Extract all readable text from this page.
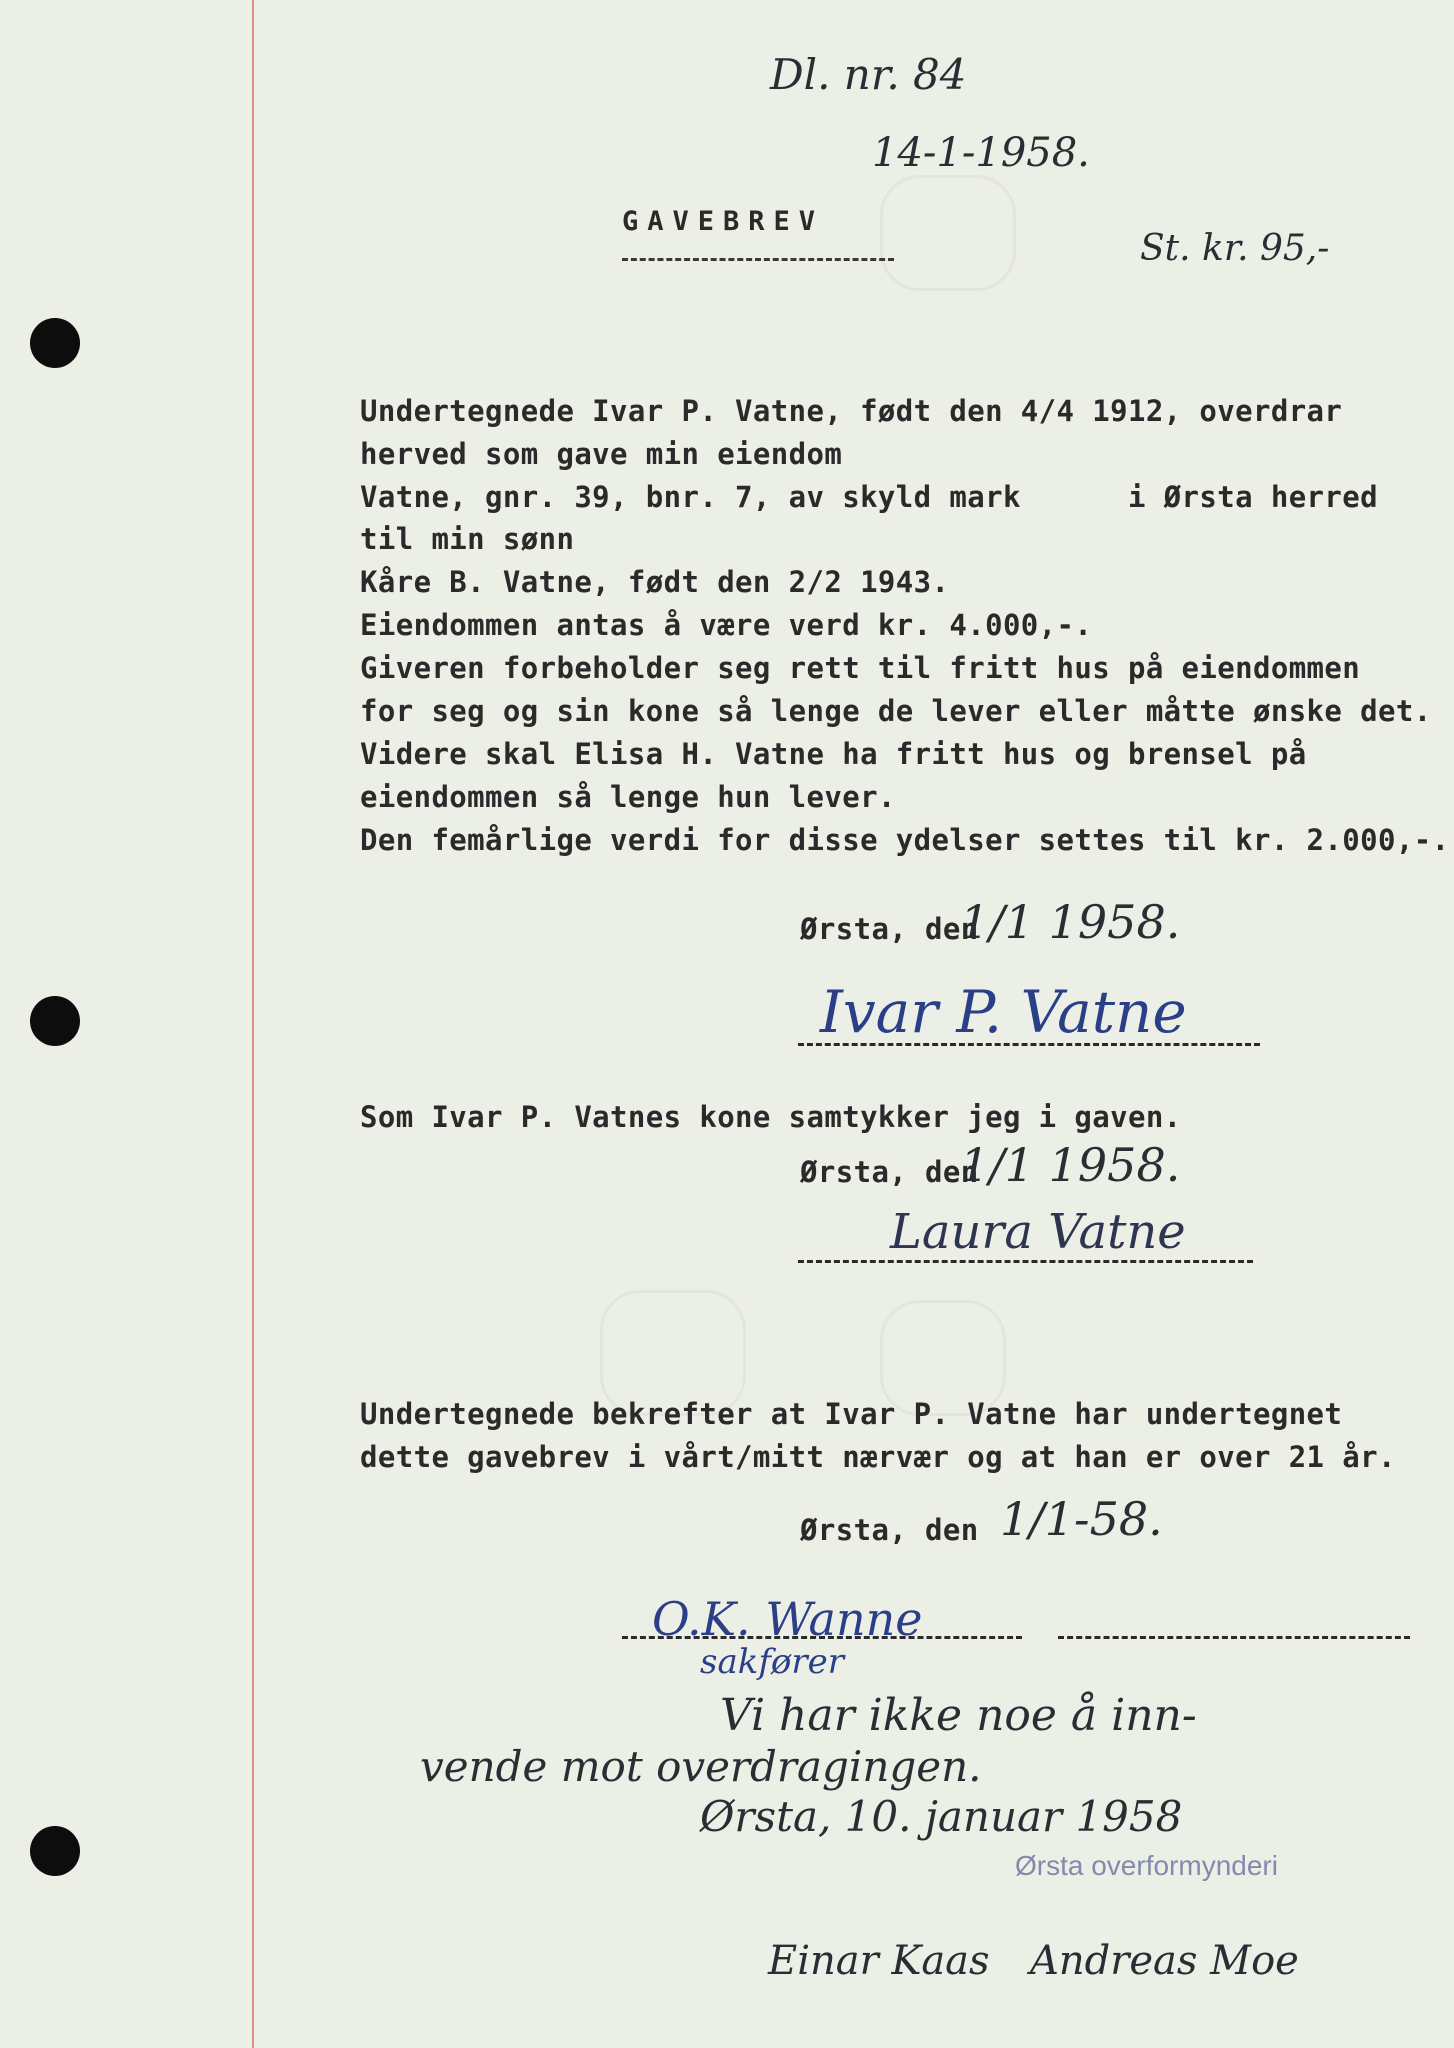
Dl. nr. 84
14-1-1958.
St. kr. 95,-
GAVEBREV
Undertegnede Ivar P. Vatne, født den 4/4 1912, overdrar
herved som gave min eiendom
Vatne, gnr. 39, bnr. 7, av skyld mark      i Ørsta herred
til min sønn
Kåre B. Vatne, født den 2/2 1943.
Eiendommen antas å være verd kr. 4.000,-.
Giveren forbeholder seg rett til fritt hus på eiendommen
for seg og sin kone så lenge de lever eller måtte ønske det.
Videre skal Elisa H. Vatne ha fritt hus og brensel på
eiendommen så lenge hun lever.
Den femårlige verdi for disse ydelser settes til kr. 2.000,-.
Ørsta, den
1/1 1958.
Ivar P. Vatne
Som Ivar P. Vatnes kone samtykker jeg i gaven.
Ørsta, den
1/1 1958.
Laura Vatne
Undertegnede bekrefter at Ivar P. Vatne har undertegnet
dette gavebrev i vårt/mitt nærvær og at han er over 21 år.
Ørsta, den 1/1-58.
O.K. Wanne
sakfører
Vi har ikke noe å inn-
vende mot overdragingen.
Ørsta, 10. januar 1958
Ørsta overformynderi
Einar Kaas Andreas Moe
